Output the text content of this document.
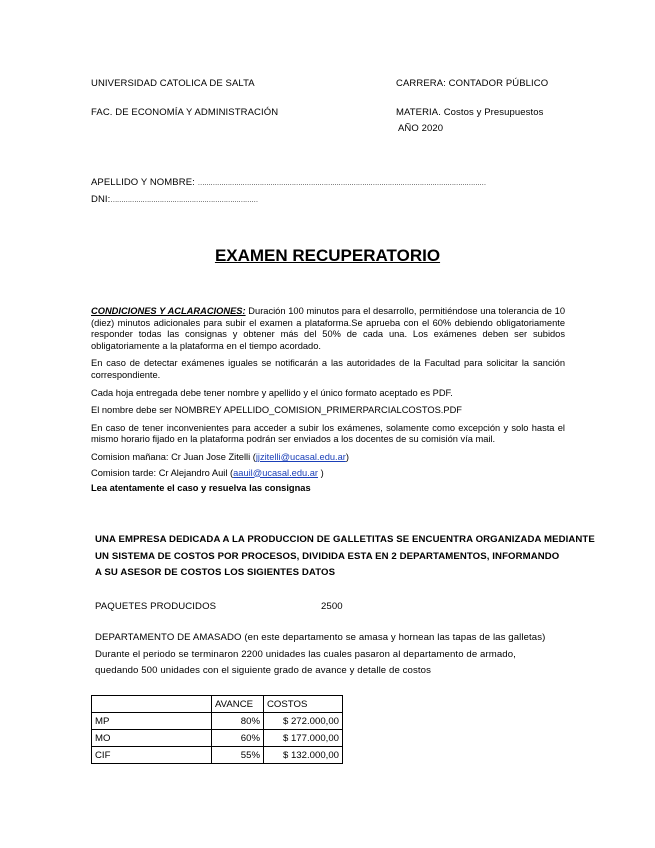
UNIVERSIDAD CATOLICA DE SALTA	CARRERA: CONTADOR PÚBLICO
FAC. DE ECONOMÍA Y ADMINISTRACIÓN	MATERIA. Costos y Presupuestos
AÑO 2020
APELLIDO Y NOMBRE: ………………………………………………………………………………………………………………………
DNI:……………………………………………………………
EXAMEN RECUPERATORIO

CONDICIONES Y ACLARACIONES: Duración 100 minutos para el desarrollo, permitiéndose una tolerancia de 10 (diez) minutos adicionales para subir el examen a plataforma.Se aprueba con el 60% debiendo obligatoriamente responder todas las consignas y obtener más del 50% de cada una. Los exámenes deben ser subidos obligatoriamente a la plataforma en el tiempo acordado.

En caso de detectar exámenes iguales se notificarán a las autoridades de la Facultad para solicitar la sanción correspondiente.

Cada hoja entregada debe tener nombre y apellido y el único formato aceptado es PDF.

El nombre debe ser NOMBREY APELLIDO_COMISION_PRIMERPARCIALCOSTOS.PDF

En caso de tener inconvenientes para acceder a subir los exámenes, solamente como excepción y solo hasta el mismo horario fijado en la plataforma podrán ser enviados a los docentes de su comisión vía mail.

Comision mañana: Cr Juan Jose Zitelli (jjzitelli@ucasal.edu.ar)

Comision tarde: Cr Alejandro Auil (aauil@ucasal.edu.ar )

Lea atentamente el caso y resuelva las consignas

UNA EMPRESA DEDICADA A LA PRODUCCION DE GALLETITAS SE ENCUENTRA ORGANIZADA MEDIANTE
UN SISTEMA DE COSTOS POR PROCESOS, DIVIDIDA ESTA EN 2 DEPARTAMENTOS, INFORMANDO
A SU ASESOR DE COSTOS LOS SIGIENTES DATOS
PAQUETES PRODUCIDOS	2500
DEPARTAMENTO DE AMASADO (en este departamento se amasa y hornean las tapas de las galletas)
Durante el periodo se terminaron 2200 unidades las cuales pasaron al departamento de armado,
quedando 500 unidades con el siguiente grado de avance y detalle de costos
	AVANCE	COSTOS
MP	80%	$ 272.000,00
MO	60%	$ 177.000,00
CIF	55%	$ 132.000,00
